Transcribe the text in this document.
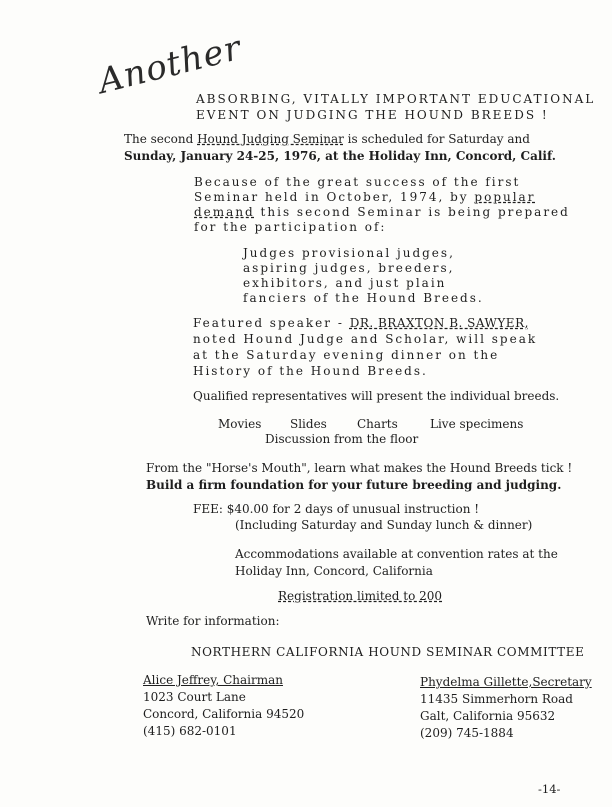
Another
ABSORBING, VITALLY IMPORTANT EDUCATIONAL
EVENT ON JUDGING THE HOUND BREEDS !
The second Hound Judging Seminar is scheduled for Saturday and
Sunday, January 24-25, 1976, at the Holiday Inn, Concord, Calif.
Because of the great success of the first
Seminar held in October, 1974, by popular
demand this second Seminar is being prepared
for the participation of:
Judges provisional judges,
aspiring judges, breeders,
exhibitors, and just plain
fanciers of the Hound Breeds.
Featured speaker - DR. BRAXTON B. SAWYER,
noted Hound Judge and Scholar, will speak
at the Saturday evening dinner on the
History of the Hound Breeds.
Qualified representatives will present the individual breeds.
Movies Slides	Charts	Live specimens
Discussion from the floor
From the "Horse's Mouth", learn what makes the Hound Breeds tick !
Build a firm foundation for your future breeding and judging.
FEE: $40.00 for 2 days of unusual instruction !
(Including Saturday and Sunday lunch & dinner)
Accommodations available at convention rates at the
Holiday Inn, Concord, California
Registration limited to 200
Write for information:
NORTHERN CALIFORNIA HOUND SEMINAR COMMITTEE
Alice Jeffrey, Chairman
1023 Court Lane
Concord, California 94520
(415) 682-0101
Phydelma Gillette,Secretary
11435 Simmerhorn Road
Galt, California 95632
(209) 745-1884
-14-
